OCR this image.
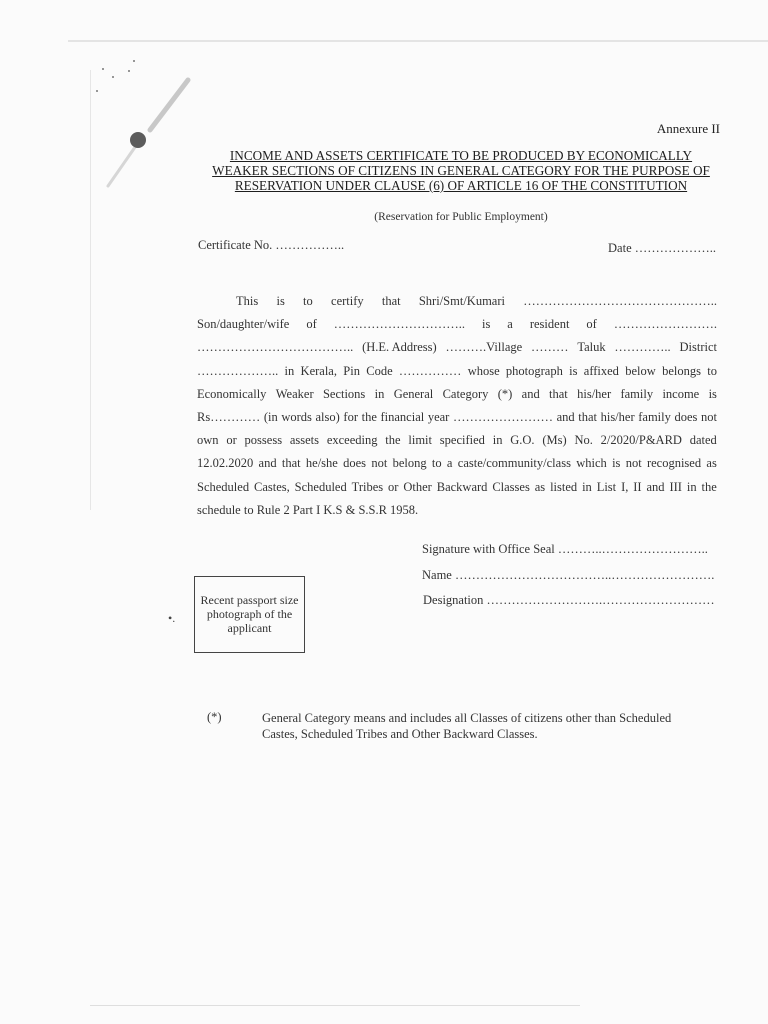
Annexure II
INCOME AND ASSETS CERTIFICATE TO BE PRODUCED BY ECONOMICALLY
WEAKER SECTIONS OF CITIZENS IN GENERAL CATEGORY FOR THE PURPOSE OF
RESERVATION UNDER CLAUSE (6) OF ARTICLE 16 OF THE CONSTITUTION
(Reservation for Public Employment)
Certificate No. ……………..	Date ………………..
This is to certify that Shri/Smt/Kumari ………………………………………..
Son/daughter/wife of ………………………….. is a resident of …………………….
……………………………….. (H.E. Address) ……….Village ……… Taluk ………….. District
……………….. in Kerala, Pin Code …………… whose photograph is affixed below belongs to
Economically Weaker Sections in General Category (*) and that his/her family income is
Rs………… (in words also) for the financial year …………………… and that his/her family does not
own or possess assets exceeding the limit specified in G.O. (Ms) No. 2/2020/P&ARD dated
12.02.2020 and that he/she does not belong to a caste/community/class which is not recognised as
Scheduled Castes, Scheduled Tribes or Other Backward Classes as listed in List I, II and III in the
schedule to Rule 2 Part I K.S & S.S.R 1958.
Signature with Office Seal ………..……………………..
Name ………………………………..…………………….
Designation ……………………….………………………
Recent passport size
photograph of the
applicant
•.
(*)	General Category means and includes all Classes of citizens other than Scheduled
Castes, Scheduled Tribes and Other Backward Classes.
